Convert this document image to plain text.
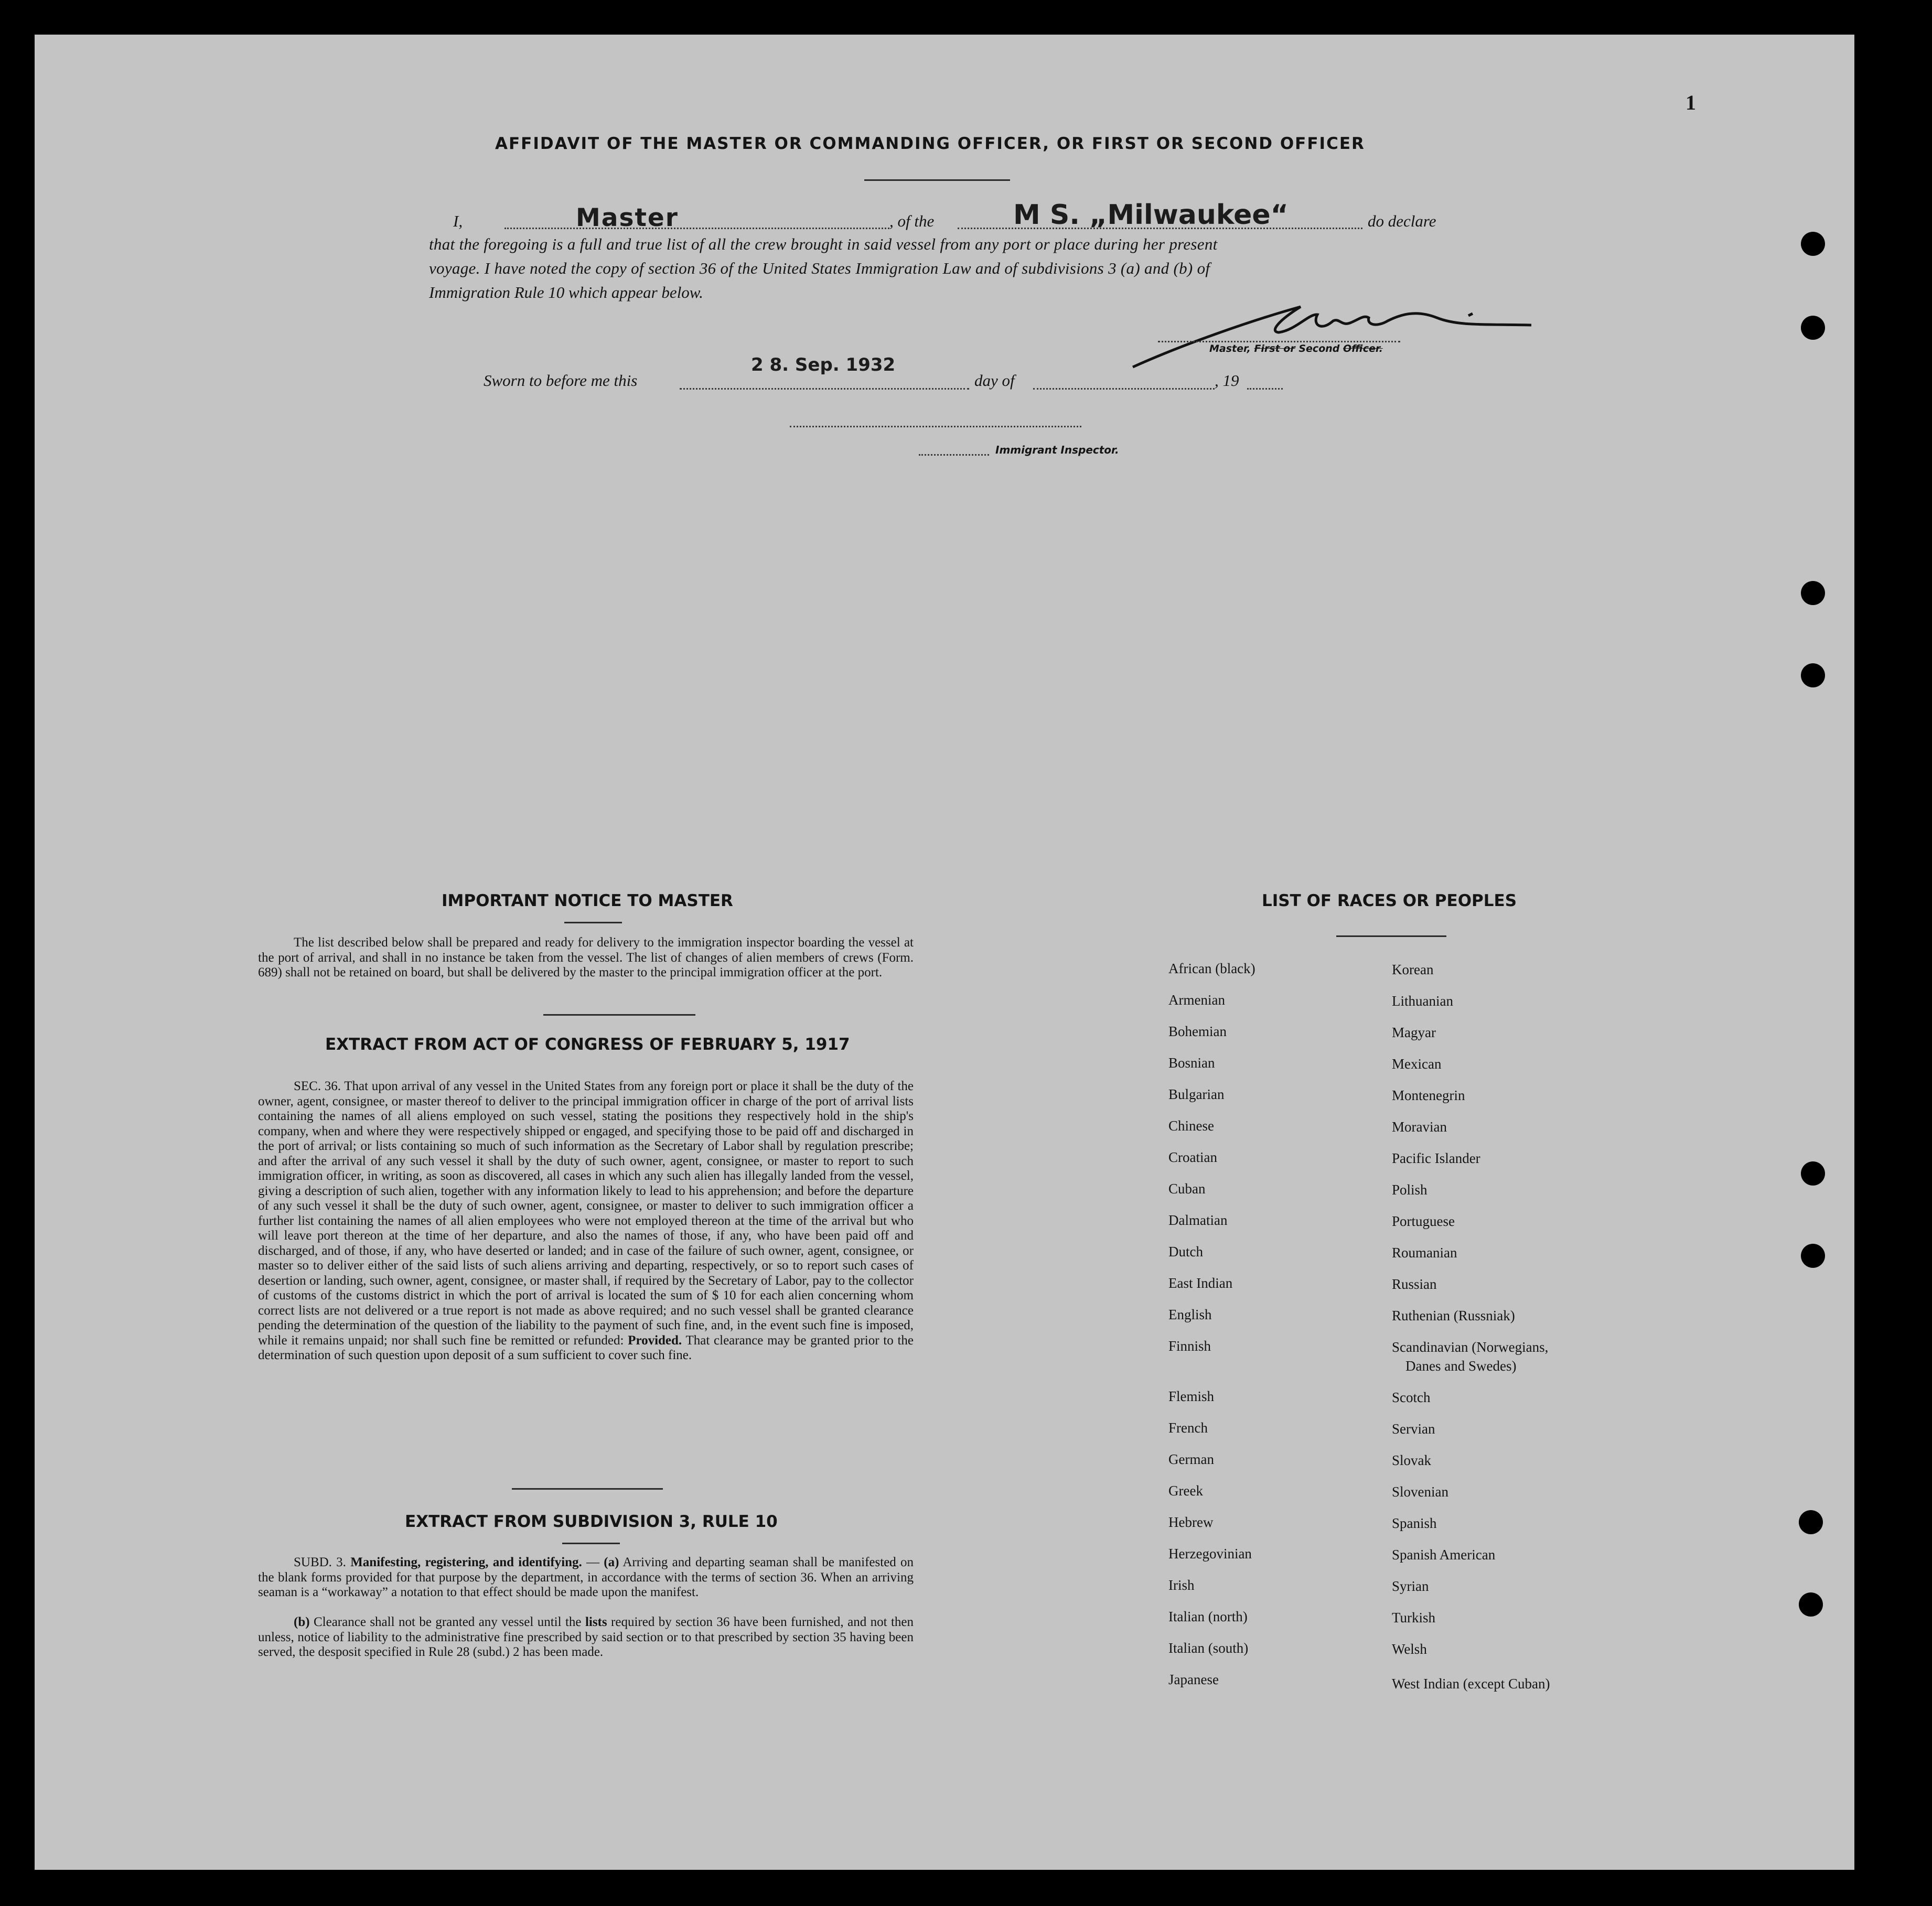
1
AFFIDAVIT OF THE MASTER OR COMMANDING OFFICER, OR FIRST OR SECOND OFFICER
I,	Master	, of the	M S. „Milwaukee“	do declare
that the foregoing is a full and true list of all the crew brought in said vessel from any port or place during her present
voyage. I have noted the copy of section 36 of the United States Immigration Law and of subdivisions 3 (a) and (b) of
Immigration Rule 10 which appear below.
Master, First or Second Officer.
Sworn to before me this
2 8. Sep. 1932
day of	, 19
Immigrant Inspector.
IMPORTANT NOTICE TO MASTER
The list described below shall be prepared and ready for delivery to the immigration inspector boarding the vessel at the port of arrival, and shall in no instance be taken from the vessel. The list of changes of alien members of crews (Form. 689) shall not be retained on board, but shall be delivered by the master to the principal immigration officer at the port.
EXTRACT FROM ACT OF CONGRESS OF FEBRUARY 5, 1917
SEC. 36. That upon arrival of any vessel in the United States from any foreign port or place it shall be the duty of the owner, agent, consignee, or master thereof to deliver to the principal immigration officer in charge of the port of arrival lists containing the names of all aliens employed on such vessel, stating the positions they respectively hold in the ship's company, when and where they were respectively shipped or engaged, and specifying those to be paid off and discharged in the port of arrival; or lists containing so much of such information as the Secretary of Labor shall by regulation prescribe; and after the arrival of any such vessel it shall by the duty of such owner, agent, consignee, or master to report to such immigration officer, in writing, as soon as discovered, all cases in which any such alien has illegally landed from the vessel, giving a description of such alien, together with any information likely to lead to his apprehension; and before the departure of any such vessel it shall be the duty of such owner, agent, consignee, or master to deliver to such immigration officer a further list containing the names of all alien employees who were not employed thereon at the time of the arrival but who will leave port thereon at the time of her departure, and also the names of those, if any, who have been paid off and discharged, and of those, if any, who have deserted or landed; and in case of the failure of such owner, agent, consignee, or master so to deliver either of the said lists of such aliens arriving and departing, respectively, or so to report such cases of desertion or landing, such owner, agent, consignee, or master shall, if required by the Secretary of Labor, pay to the collector of customs of the customs district in which the port of arrival is located the sum of $ 10 for each alien concerning whom correct lists are not delivered or a true report is not made as above required; and no such vessel shall be granted clearance pending the determination of the question of the liability to the payment of such fine, and, in the event such fine is imposed, while it remains unpaid; nor shall such fine be remitted or refunded: Provided. That clearance may be granted prior to the determination of such question upon deposit of a sum sufficient to cover such fine.
EXTRACT FROM SUBDIVISION 3, RULE 10
SUBD. 3. Manifesting, registering, and identifying. — (a) Arriving and departing seaman shall be manifested on the blank forms provided for that purpose by the department, in accordance with the terms of section 36. When an arriving seaman is a “workaway” a notation to that effect should be made upon the manifest.
(b) Clearance shall not be granted any vessel until the lists required by section 36 have been furnished, and not then unless, notice of liability to the administrative fine prescribed by said section or to that prescribed by section 35 having been served, the desposit specified in Rule 28 (subd.) 2 has been made.
LIST OF RACES OR PEOPLES
African (black)
Armenian
Bohemian
Bosnian
Bulgarian
Chinese
Croatian
Cuban
Dalmatian
Dutch
East Indian
English
Finnish
Flemish
French
German
Greek
Hebrew
Herzegovinian
Irish
Italian (north)
Italian (south)
Japanese
Korean
Lithuanian
Magyar
Mexican
Montenegrin
Moravian
Pacific Islander
Polish
Portuguese
Roumanian
Russian
Ruthenian (Russniak)
Scandinavian (Norwegians,
Danes and Swedes)
Scotch
Servian
Slovak
Slovenian
Spanish
Spanish American
Syrian
Turkish
Welsh
West Indian (except Cuban)
